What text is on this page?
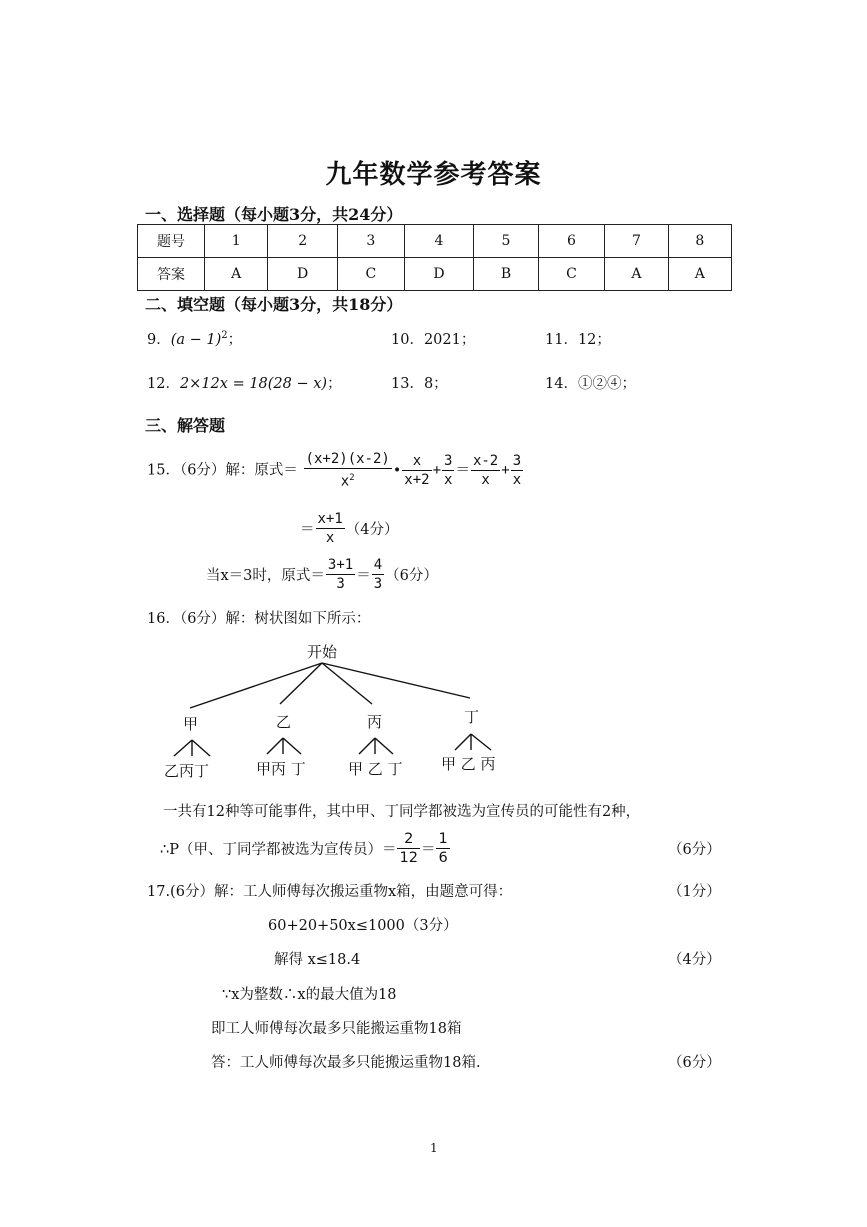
九年数学参考答案
一、选择题（每小题3分，共24分）
题号	1	2	3	4	5	6	7	8
答案	A	D	C	D	B	C	A	A
二、填空题（每小题3分，共18分）
9．$(a - 1)^2$；	10．2021；	11．12；
12．2×12x = 18(28 − x)；	13．8；	14．①②④；
三、解答题
15．（6分）解：原式＝ $\frac{(x+2)(x-2)}{x^2}$ • $\frac{x}{x+2} + \frac{3}{x} = \frac{x-2}{x} + \frac{3}{x}$
＝ $\frac{x+1}{x} (4$分）
当x＝3时，原式＝ $\frac{3+1}{3} = \frac{4}{3} (6$分）
16．（6分）解：树状图如下所示：
开始
甲	乙	丙	丁
乙丙丁	甲丙 丁	甲 乙 丁	甲 乙 丙
一共有12种等可能事件，其中甲、丁同学都被选为宣传员的可能性有2种，
∴P（甲、丁同学都被选为宣传员）＝ $\frac{2}{12} = \frac{1}{6}$	（6分）
17.(6分）解：工人师傅每次搬运重物x箱，由题意可得：	（1分）
60+20+50x≤1000（3分）
解得 x≤18.4	（4分）
∵x为整数∴x的最大值为18
即工人师傅每次最多只能搬运重物18箱
答：工人师傅每次最多只能搬运重物18箱.	（6分）
1
